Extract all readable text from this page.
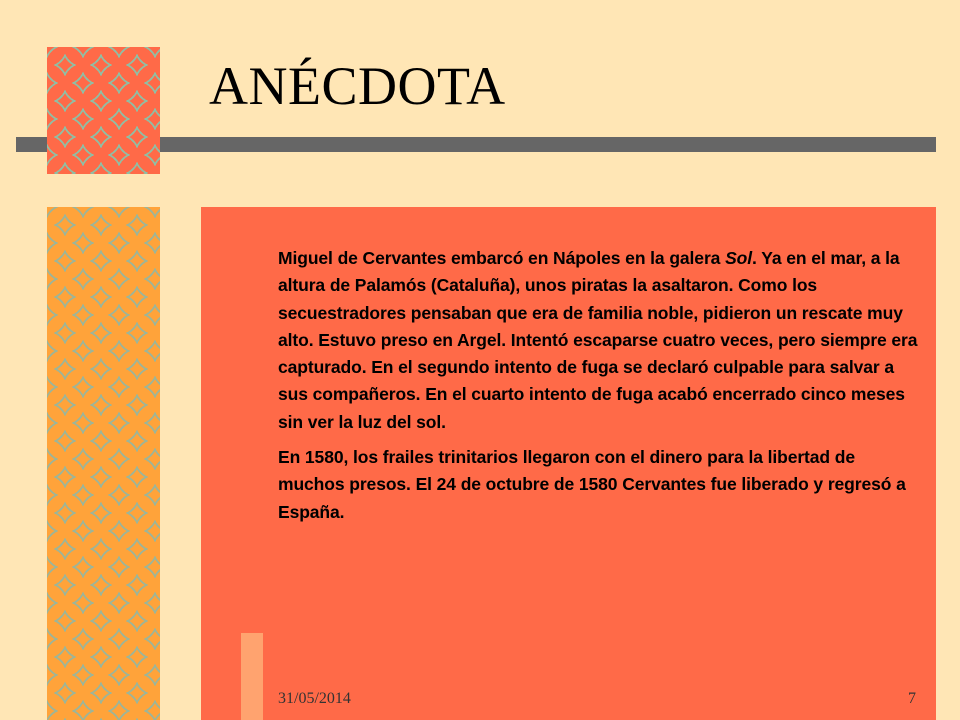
ANÉCDOTA

Miguel de Cervantes embarcó en Nápoles en la galera Sol. Ya en el mar, a la altura de Palamós (Cataluña), unos piratas la asaltaron. Como los secuestradores pensaban que era de familia noble, pidieron un rescate muy alto. Estuvo preso en Argel. Intentó escaparse cuatro veces, pero siempre era capturado. En el segundo intento de fuga se declaró culpable para salvar a sus compañeros. En el cuarto intento de fuga acabó encerrado cinco meses sin ver la luz del sol.

En 1580, los frailes trinitarios llegaron con el dinero para la libertad de muchos presos. El 24 de octubre de 1580 Cervantes fue liberado y regresó a España.

31/05/2014	7
